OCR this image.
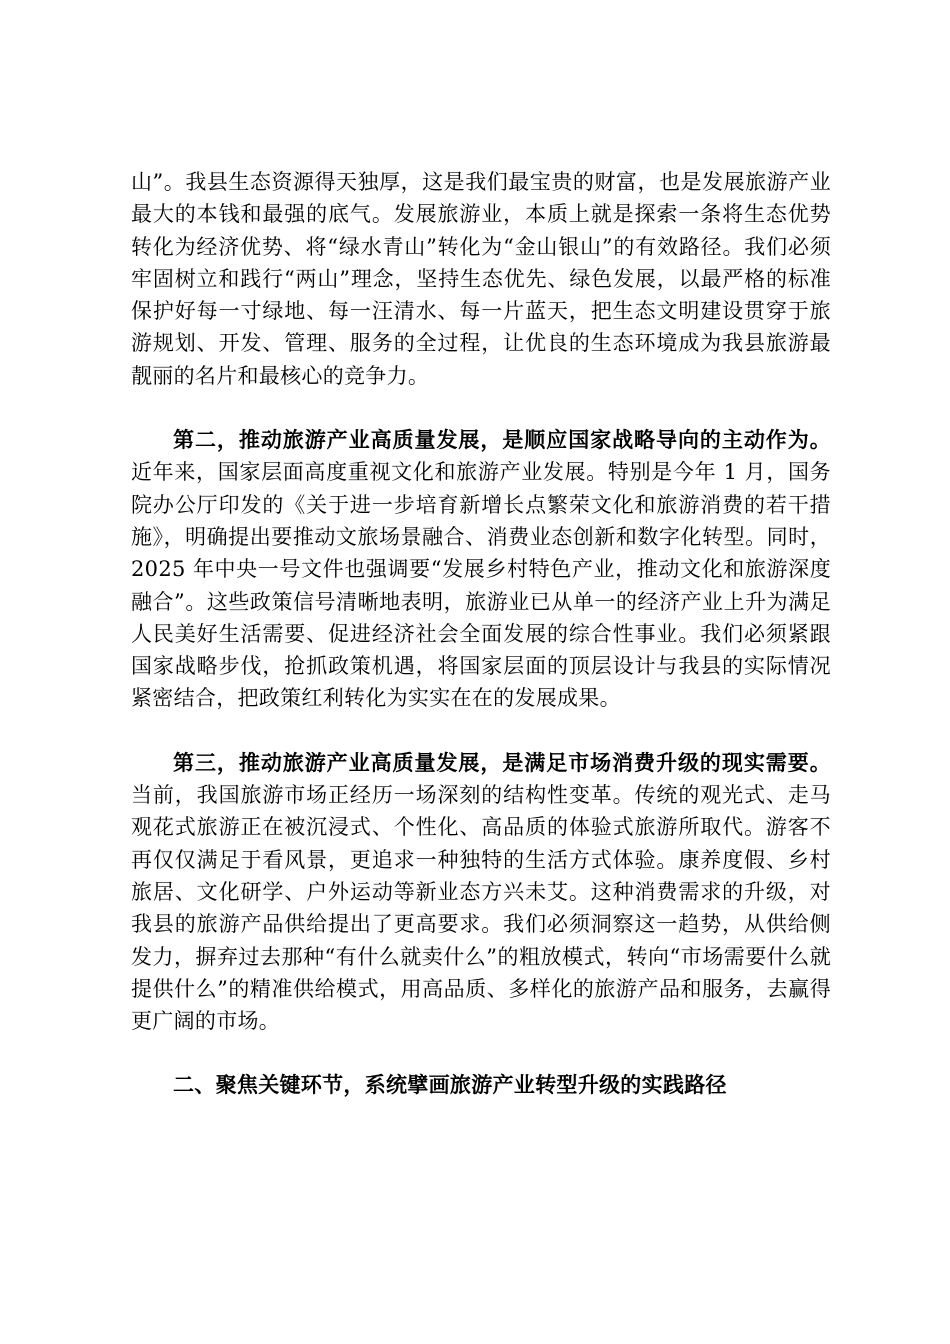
山”。我县生态资源得天独厚，这是我们最宝贵的财富，也是发展旅游产业最大的本钱和最强的底气。发展旅游业，本质上就是探索一条将生态优势转化为经济优势、将“绿水青山”转化为“金山银山”的有效路径。我们必须牢固树立和践行“两山”理念，坚持生态优先、绿色发展，以最严格的标准保护好每一寸绿地、每一汪清水、每一片蓝天，把生态文明建设贯穿于旅游规划、开发、管理、服务的全过程，让优良的生态环境成为我县旅游最靓丽的名片和最核心的竞争力。

第二，推动旅游产业高质量发展，是顺应国家战略导向的主动作为。近年来，国家层面高度重视文化和旅游产业发展。特别是今年 1 月，国务院办公厅印发的《关于进一步培育新增长点繁荣文化和旅游消费的若干措施》，明确提出要推动文旅场景融合、消费业态创新和数字化转型。同时，2025 年中央一号文件也强调要“发展乡村特色产业，推动文化和旅游深度融合”。这些政策信号清晰地表明，旅游业已从单一的经济产业上升为满足人民美好生活需要、促进经济社会全面发展的综合性事业。我们必须紧跟国家战略步伐，抢抓政策机遇，将国家层面的顶层设计与我县的实际情况紧密结合，把政策红利转化为实实在在的发展成果。

第三，推动旅游产业高质量发展，是满足市场消费升级的现实需要。当前，我国旅游市场正经历一场深刻的结构性变革。传统的观光式、走马观花式旅游正在被沉浸式、个性化、高品质的体验式旅游所取代。游客不再仅仅满足于看风景，更追求一种独特的生活方式体验。康养度假、乡村旅居、文化研学、户外运动等新业态方兴未艾。这种消费需求的升级，对我县的旅游产品供给提出了更高要求。我们必须洞察这一趋势，从供给侧发力，摒弃过去那种“有什么就卖什么”的粗放模式，转向“市场需要什么就提供什么”的精准供给模式，用高品质、多样化的旅游产品和服务，去赢得更广阔的市场。

二、聚焦关键环节，系统擘画旅游产业转型升级的实践路径
